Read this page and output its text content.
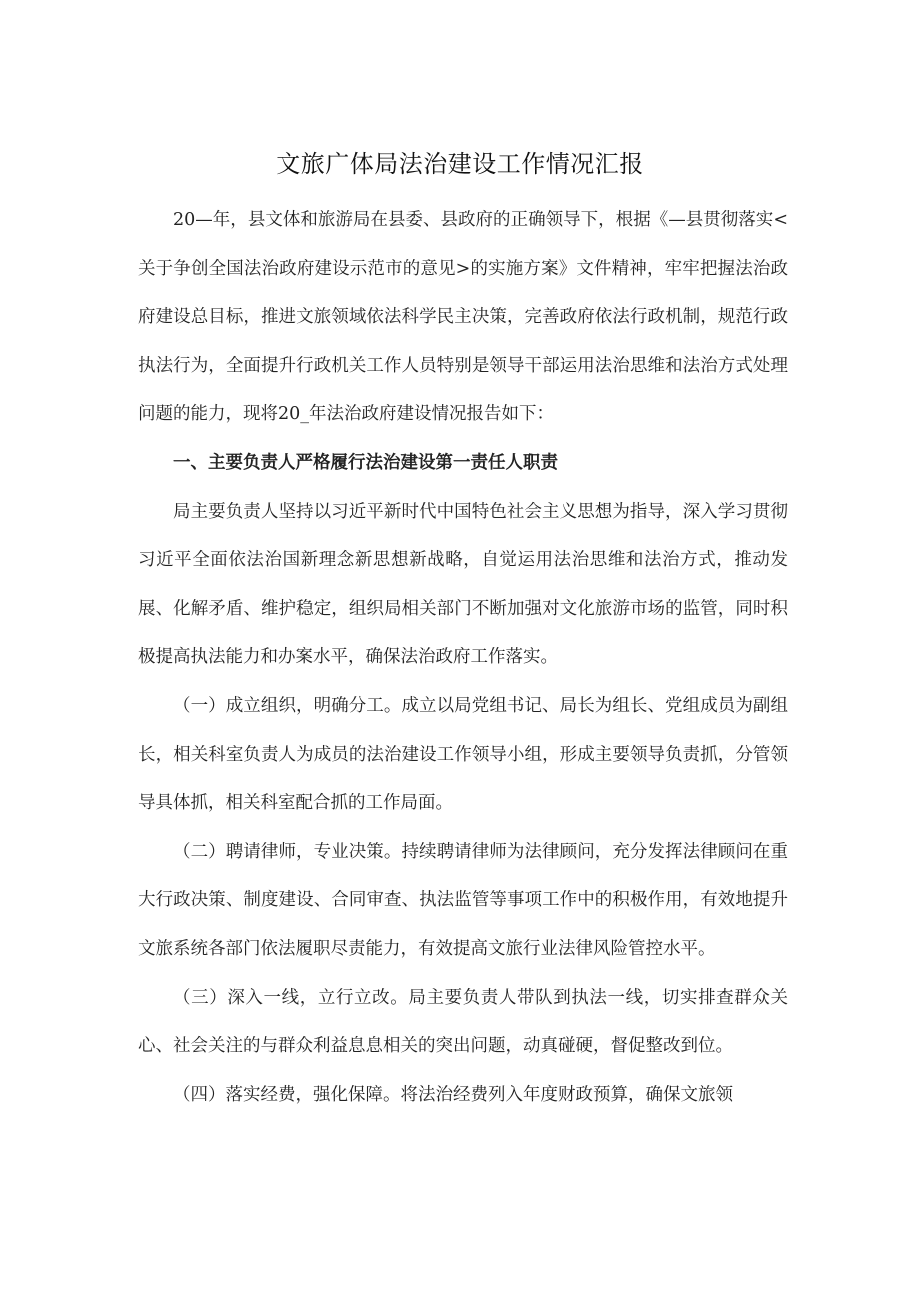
文旅广体局法治建设工作情况汇报

20—年，县文体和旅游局在县委、县政府的正确领导下，根据《—县贯彻落实<关于争创全国法治政府建设示范市的意见>的实施方案》文件精神，牢牢把握法治政府建设总目标，推进文旅领域依法科学民主决策，完善政府依法行政机制，规范行政执法行为，全面提升行政机关工作人员特别是领导干部运用法治思维和法治方式处理问题的能力，现将20_年法治政府建设情况报告如下：

一、主要负责人严格履行法治建设第一责任人职责

局主要负责人坚持以习近平新时代中国特色社会主义思想为指导，深入学习贯彻习近平全面依法治国新理念新思想新战略，自觉运用法治思维和法治方式，推动发展、化解矛盾、维护稳定，组织局相关部门不断加强对文化旅游市场的监管，同时积极提高执法能力和办案水平，确保法治政府工作落实。

（一）成立组织，明确分工。成立以局党组书记、局长为组长、党组成员为副组长，相关科室负责人为成员的法治建设工作领导小组，形成主要领导负责抓，分管领导具体抓，相关科室配合抓的工作局面。

（二）聘请律师，专业决策。持续聘请律师为法律顾问，充分发挥法律顾问在重大行政决策、制度建设、合同审查、执法监管等事项工作中的积极作用，有效地提升文旅系统各部门依法履职尽责能力，有效提高文旅行业法律风险管控水平。

（三）深入一线，立行立改。局主要负责人带队到执法一线，切实排查群众关心、社会关注的与群众利益息息相关的突出问题，动真碰硬，督促整改到位。

（四）落实经费，强化保障。将法治经费列入年度财政预算，确保文旅领
